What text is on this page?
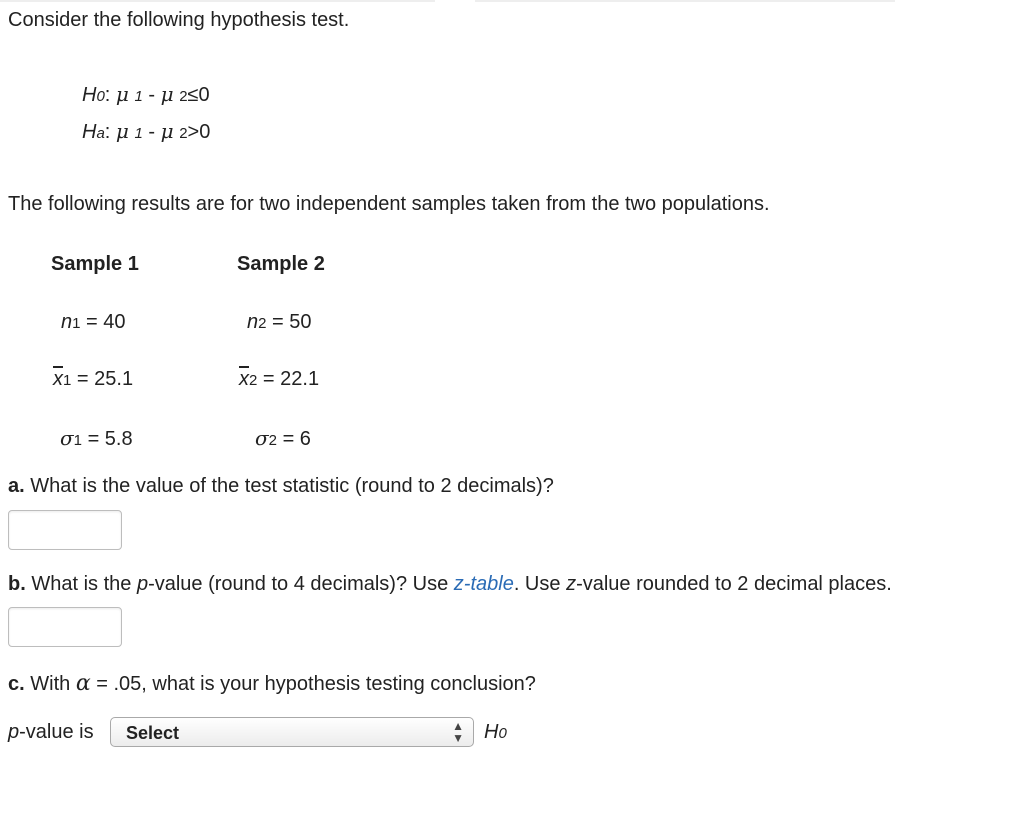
Consider the following hypothesis test.
H0: μ 1 - μ 2≤0
Ha: μ 1 - μ 2>0
The following results are for two independent samples taken from the two populations.
Sample 1	Sample 2
n1 = 40	n2 = 50
$\overline{x}1 = 25.1$	$\overline{x}2 = 22.1$
σ1 = 5.8	σ2 = 6
a. What is the value of the test statistic (round to 2 decimals)?
b. What is the p-value (round to 4 decimals)? Use z-table. Use z-value rounded to 2 decimal places.
c. With α = .05, what is your hypothesis testing conclusion?
p-value is Select	▲
▼ H0
